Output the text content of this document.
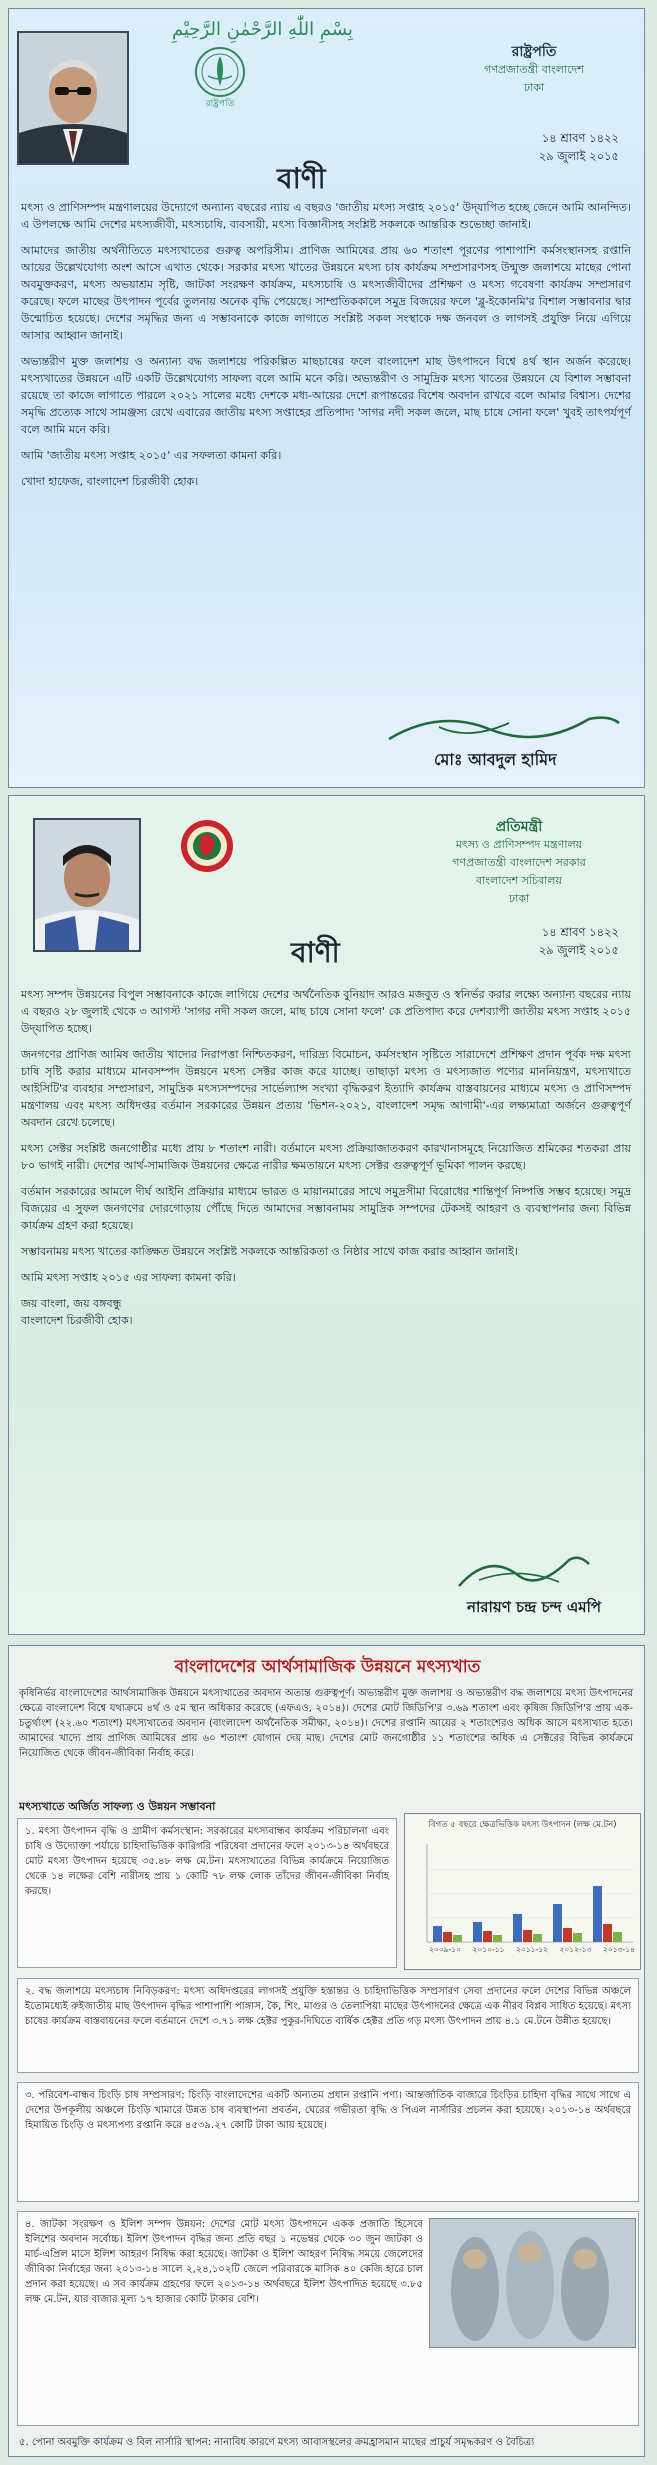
بِسْمِ اللّٰهِ الرَّحْمٰنِ الرَّحِيْمِ
রাষ্ট্রপতি
রাষ্ট্রপতি
গণপ্রজাতন্ত্রী বাংলাদেশ
ঢাকা
১৪ শ্রাবণ ১৪২২
২৯ জুলাই ২০১৫
বাণী

মৎস্য ও প্রাণিসম্পদ মন্ত্রণালয়ের উদ্যোগে অন্যান্য বছরের ন্যায় এ বছরও 'জাতীয় মৎস্য সপ্তাহ ২০১৫' উদ্‌যাপিত হচ্ছে জেনে আমি আনন্দিত। এ উপলক্ষে আমি দেশের মৎস্যজীবী, মৎস্যচাষি, ব্যবসায়ী, মৎস্য বিজ্ঞানীসহ সংশ্লিষ্ট সকলকে আন্তরিক শুভেচ্ছা জানাই।

আমাদের জাতীয় অর্থনীতিতে মৎস্যখাতের গুরুত্ব অপরিসীম। প্রাণিজ আমিষের প্রায় ৬০ শতাংশ পূরণের পাশাপাশি কর্মসংস্থানসহ রপ্তানি আয়ের উল্লেখযোগ্য অংশ আসে এখাত থেকে। সরকার মৎস্য খাতের উন্নয়নে মৎস্য চাষ কার্যক্রম সম্প্রসারণসহ উন্মুক্ত জলাশয়ে মাছের পোনা অবমুক্তকরণ, মৎস্য অভয়াশ্রম সৃষ্টি, জাটকা সংরক্ষণ কার্যক্রম, মৎস্যচাষি ও মৎস্যজীবীদের প্রশিক্ষণ ও মৎস্য গবেষণা কার্যক্রম সম্প্রসারণ করেছে। ফলে মাছের উৎপাদন পূর্বের তুলনায় অনেক বৃদ্ধি পেয়েছে। সাম্প্রতিককালে সমুদ্র বিজয়ের ফলে 'ব্লু-ইকোনমি'র বিশাল সম্ভাবনার দ্বার উন্মোচিত হয়েছে। দেশের সমৃদ্ধির জন্য এ সম্ভাবনাকে কাজে লাগাতে সংশ্লিষ্ট সকল সংস্থাকে দক্ষ জনবল ও লাগসই প্রযুক্তি নিয়ে এগিয়ে আসার আহ্বান জানাই।

অভ্যন্তরীণ মুক্ত জলাশয় ও অন্যান্য বদ্ধ জলাশয়ে পরিকল্পিত মাছচাষের ফলে বাংলাদেশ মাছ উৎপাদনে বিশ্বে ৪র্থ স্থান অর্জন করেছে। মৎস্যখাতের উন্নয়নে এটি একটি উল্লেখযোগ্য সাফল্য বলে আমি মনে করি। অভ্যন্তরীণ ও সামুদ্রিক মৎস্য খাতের উন্নয়নে যে বিশাল সম্ভাবনা রয়েছে তা কাজে লাগাতে পারলে ২০২১ সালের মধ্যে দেশকে মধ্য-আয়ের দেশে রূপান্তরের বিশেষ অবদান রাখবে বলে আমার বিশ্বাস। দেশের সমৃদ্ধি প্রত্যেক সাথে সামঞ্জস্য রেখে এবারের জাতীয় মৎস্য সপ্তাহের প্রতিপাদ্য 'সাগর নদী সকল জলে, মাছ চাষে সোনা ফলে' খুবই তাৎপর্যপূর্ণ বলে আমি মনে করি।

আমি 'জাতীয় মৎস্য সপ্তাহ ২০১৫' এর সফলতা কামনা করি।

খোদা হাফেজ, বাংলাদেশ চিরজীবী হোক।

মোঃ আবদুল হামিদ
প্রতিমন্ত্রী
মৎস্য ও প্রাণিসম্পদ মন্ত্রণালয়
গণপ্রজাতন্ত্রী বাংলাদেশ সরকার
বাংলাদেশ সচিবালয়
ঢাকা
১৪ শ্রাবণ ১৪২২
২৯ জুলাই ২০১৫
বাণী

মৎস্য সম্পদ উন্নয়নের বিপুল সম্ভাবনাকে কাজে লাগিয়ে দেশের অর্থনৈতিক বুনিয়াদ আরও মজবুত ও স্বনির্ভর করার লক্ষ্যে অন্যান্য বছরের ন্যায় এ বছরও ২৮ জুলাই থেকে ৩ আগস্ট 'সাগর নদী সকল জলে, মাছ চাষে সোনা ফলে' কে প্রতিপাদ্য করে দেশব্যাপী জাতীয় মৎস্য সপ্তাহ ২০১৫ উদ্‌যাপিত হচ্ছে।

জনগণের প্রাণিজ আমিষ জাতীয় খাদ্যের নিরাপত্তা নিশ্চিতকরণ, দারিদ্র্য বিমোচন, কর্মসংস্থান সৃষ্টিতে সারাদেশে প্রশিক্ষণ প্রদান পূর্বক দক্ষ মৎস্য চাষি সৃষ্টি করার মাধ্যমে মানবসম্পদ উন্নয়নে মৎস্য সেক্টর কাজ করে যাচ্ছে। তাছাড়া মৎস্য ও মৎস্যজাত পণ্যের মাননিয়ন্ত্রণ, মৎস্যখাতে আইসিটি'র ব্যবহার সম্প্রসারণ, সামুদ্রিক মৎস্যসম্পদের সার্ভেল্যান্স সংখ্যা বৃদ্ধিকরণ ইত্যাদি কার্যক্রম বাস্তবায়নের মাধ্যমে মৎস্য ও প্রাণিসম্পদ মন্ত্রণালয় এবং মৎস্য অধিদপ্তর বর্তমান সরকারের উন্নয়ন প্রত্যয় 'ভিশন-২০২১, বাংলাদেশ সমৃদ্ধ আগামী'-এর লক্ষ্যমাত্রা অর্জনে গুরুত্বপূর্ণ অবদান রেখে চলেছে।

মৎস্য সেক্টর সংশ্লিষ্ট জনগোষ্ঠীর মধ্যে প্রায় ৮ শতাংশ নারী। বর্তমানে মৎস্য প্রক্রিয়াজাতকরণ কারখানাসমূহে নিয়োজিত শ্রমিকের শতকরা প্রায় ৮০ ভাগই নারী। দেশের আর্থ-সামাজিক উন্নয়নের ক্ষেত্রে নারীর ক্ষমতায়নে মৎস্য সেক্টর গুরুত্বপূর্ণ ভূমিকা পালন করছে।

বর্তমান সরকারের আমলে দীর্ঘ আইনি প্রক্রিয়ার মাধ্যমে ভারত ও মায়ানমারের সাথে সমুদ্রসীমা বিরোধের শান্তিপূর্ণ নিষ্পত্তি সম্ভব হয়েছে। সমুদ্র বিজয়ের এ সুফল জনগণের দোরগোড়ায় পৌঁছে দিতে আমাদের সম্ভাবনাময় সামুদ্রিক সম্পদের টেকসই আহরণ ও ব্যবস্থাপনার জন্য বিভিন্ন কার্যক্রম গ্রহণ করা হয়েছে।

সম্ভাবনাময় মৎস্য খাতের কাঙ্ক্ষিত উন্নয়নে সংশ্লিষ্ট সকলকে আন্তরিকতা ও নিষ্ঠার সাথে কাজ করার আহ্বান জানাই।

আমি মৎস্য সপ্তাহ ২০১৫ এর সাফল্য কামনা করি।

জয় বাংলা, জয় বঙ্গবন্ধু
বাংলাদেশ চিরজীবী হোক।

নারায়ণ চন্দ্র চন্দ এমপি
বাংলাদেশের আর্থসামাজিক উন্নয়নে মৎস্যখাত
কৃষিনির্ভর বাংলাদেশের আর্থসামাজিক উন্নয়নে মৎস্যখাতের অবদান অত্যন্ত গুরুত্বপূর্ণ। অভ্যন্তরীণ মুক্ত জলাশয় ও অভ্যন্তরীণ বদ্ধ জলাশয়ে মৎস্য উৎপাদনের ক্ষেত্রে বাংলাদেশ বিশ্বে যথাক্রমে ৪র্থ ও ৫ম স্থান অধিকার করেছে (এফএও, ২০১৪)। দেশের মোট জিডিপি'র ৩.৬৯ শতাংশ এবং কৃষিজ জিডিপি'র প্রায় এক-চতুর্থাংশ (২২.৬০ শতাংশ) মৎস্যখাতের অবদান (বাংলাদেশ অর্থনৈতিক সমীক্ষা, ২০১৪)। দেশের রপ্তানি আয়ের ২ শতাংশেরও অধিক আসে মৎস্যখাত হতে। আমাদের খাদ্যে প্রায় প্রাণিজ আমিষের প্রায় ৬০ শতাংশ যোগান দেয় মাছ। দেশের মোট জনগোষ্ঠীর ১১ শতাংশের অধিক এ সেক্টরের বিভিন্ন কার্যক্রমে নিয়োজিত থেকে জীবন-জীবিকা নির্বাহ করে।
মৎস্যখাতে অর্জিত সাফল্য ও উন্নয়ন সম্ভাবনা
১. মৎস্য উৎপাদন বৃদ্ধি ও গ্রামীণ কর্মসংস্থান: সরকারের মৎস্যবান্ধব কার্যক্রম পরিচালনা এবং চাষি ও উদ্যোক্তা পর্যায়ে চাহিদাভিত্তিক কারিগরি পরিষেবা প্রদানের ফলে ২০১৩-১৪ অর্থবছরে মোট মৎস্য উৎপাদন হয়েছে ৩৫.৪৮ লক্ষ মে.টন। মৎস্যখাতের বিভিন্ন কার্যক্রমে নিয়োজিত থেকে ১৪ লক্ষের বেশি নারীসহ প্রায় ১ কোটি ৭৮ লক্ষ লোক তাঁদের জীবন-জীবিকা নির্বাহ করছে।
বিগত ৫ বছরে ক্ষেত্রভিত্তিক মৎস্য উৎপাদন (লক্ষ মে.টন)
২০০৯-১০ ২০১০-১১ ২০১১-১২ ২০১২-১৩ ২০১৩-১৪
২. বদ্ধ জলাশয়ে মৎস্যচাষ নিবিড়করণ: মৎস্য অধিদপ্তরের লাগসই প্রযুক্তি হস্তান্তর ও চাহিদাভিত্তিক সম্প্রসারণ সেবা প্রদানের ফলে দেশের বিভিন্ন অঞ্চলে ইতোমধ্যেই রুইজাতীয় মাছ উৎপাদন বৃদ্ধির পাশাপাশি পাঙ্গাস, কৈ, শিং, মাগুর ও তেলাপিয়া মাছের উৎপাদনের ক্ষেত্রে এক নীরব বিপ্লব সাধিত হয়েছে। মৎস্য চাষের কার্যক্রম বাস্তবায়নের ফলে বর্তমানে দেশে ৩.৭১ লক্ষ হেক্টর পুকুর-দিঘিতে বার্ষিক হেক্টর প্রতি গড় মৎস্য উৎপাদন প্রায় ৪.১ মে.টনে উন্নীত হয়েছে।
৩. পরিবেশ-বান্ধব চিংড়ি চাষ সম্প্রসারণ: চিংড়ি বাংলাদেশের একটি অন্যতম প্রধান রপ্তানি পণ্য। আন্তর্জাতিক বাজারে চিংড়ির চাহিদা বৃদ্ধির সাথে সাথে এ দেশের উপকূলীয় অঞ্চলে চিংড়ি খামারে উন্নত চাষ ব্যবস্থাপনা প্রবর্তন, ঘেরের গভীরতা বৃদ্ধি ও পিএল নার্সারির প্রচলন করা হয়েছে। ২০১৩-১৪ অর্থবছরে হিমায়িত চিংড়ি ও মৎস্যপণ্য রপ্তানি করে ৪৫৩৯.২৭ কোটি টাকা আয় হয়েছে।
৪. জাটকা সংরক্ষণ ও ইলিশ সম্পদ উন্নয়ন: দেশের মোট মৎস্য উৎপাদনে একক প্রজাতি হিসেবে ইলিশের অবদান সর্বোচ্চ। ইলিশ উৎপাদন বৃদ্ধির জন্য প্রতি বছর ১ নভেম্বর থেকে ৩০ জুন জাটকা ও মার্চ-এপ্রিল মাসে ইলিশ আহরণ নিষিদ্ধ করা হয়েছে। জাটকা ও ইলিশ আহরণ নিষিদ্ধ সময়ে জেলেদের জীবিকা নির্বাহের জন্য ২০১৩-১৪ সালে ২,২৪,১০২টি জেলে পরিবারকে মাসিক ৪০ কেজি হারে চাল প্রদান করা হয়েছে। এ সব কার্যক্রম গ্রহণের ফলে ২০১৩-১৪ অর্থবছরে ইলিশ উৎপাদিত হয়েছে ৩.৮৫ লক্ষ মে.টন, যার বাজার মূল্য ১৭ হাজার কোটি টাকার বেশি।
৫. পোনা অবমুক্তি কার্যক্রম ও বিল নার্সারি স্থাপন: নানাবিধ কারণে মৎস্য আবাসস্থলের ক্রমহ্রাসমান মাছের প্রাচুর্য সমৃদ্ধকরণ ও বৈচিত্র্য
